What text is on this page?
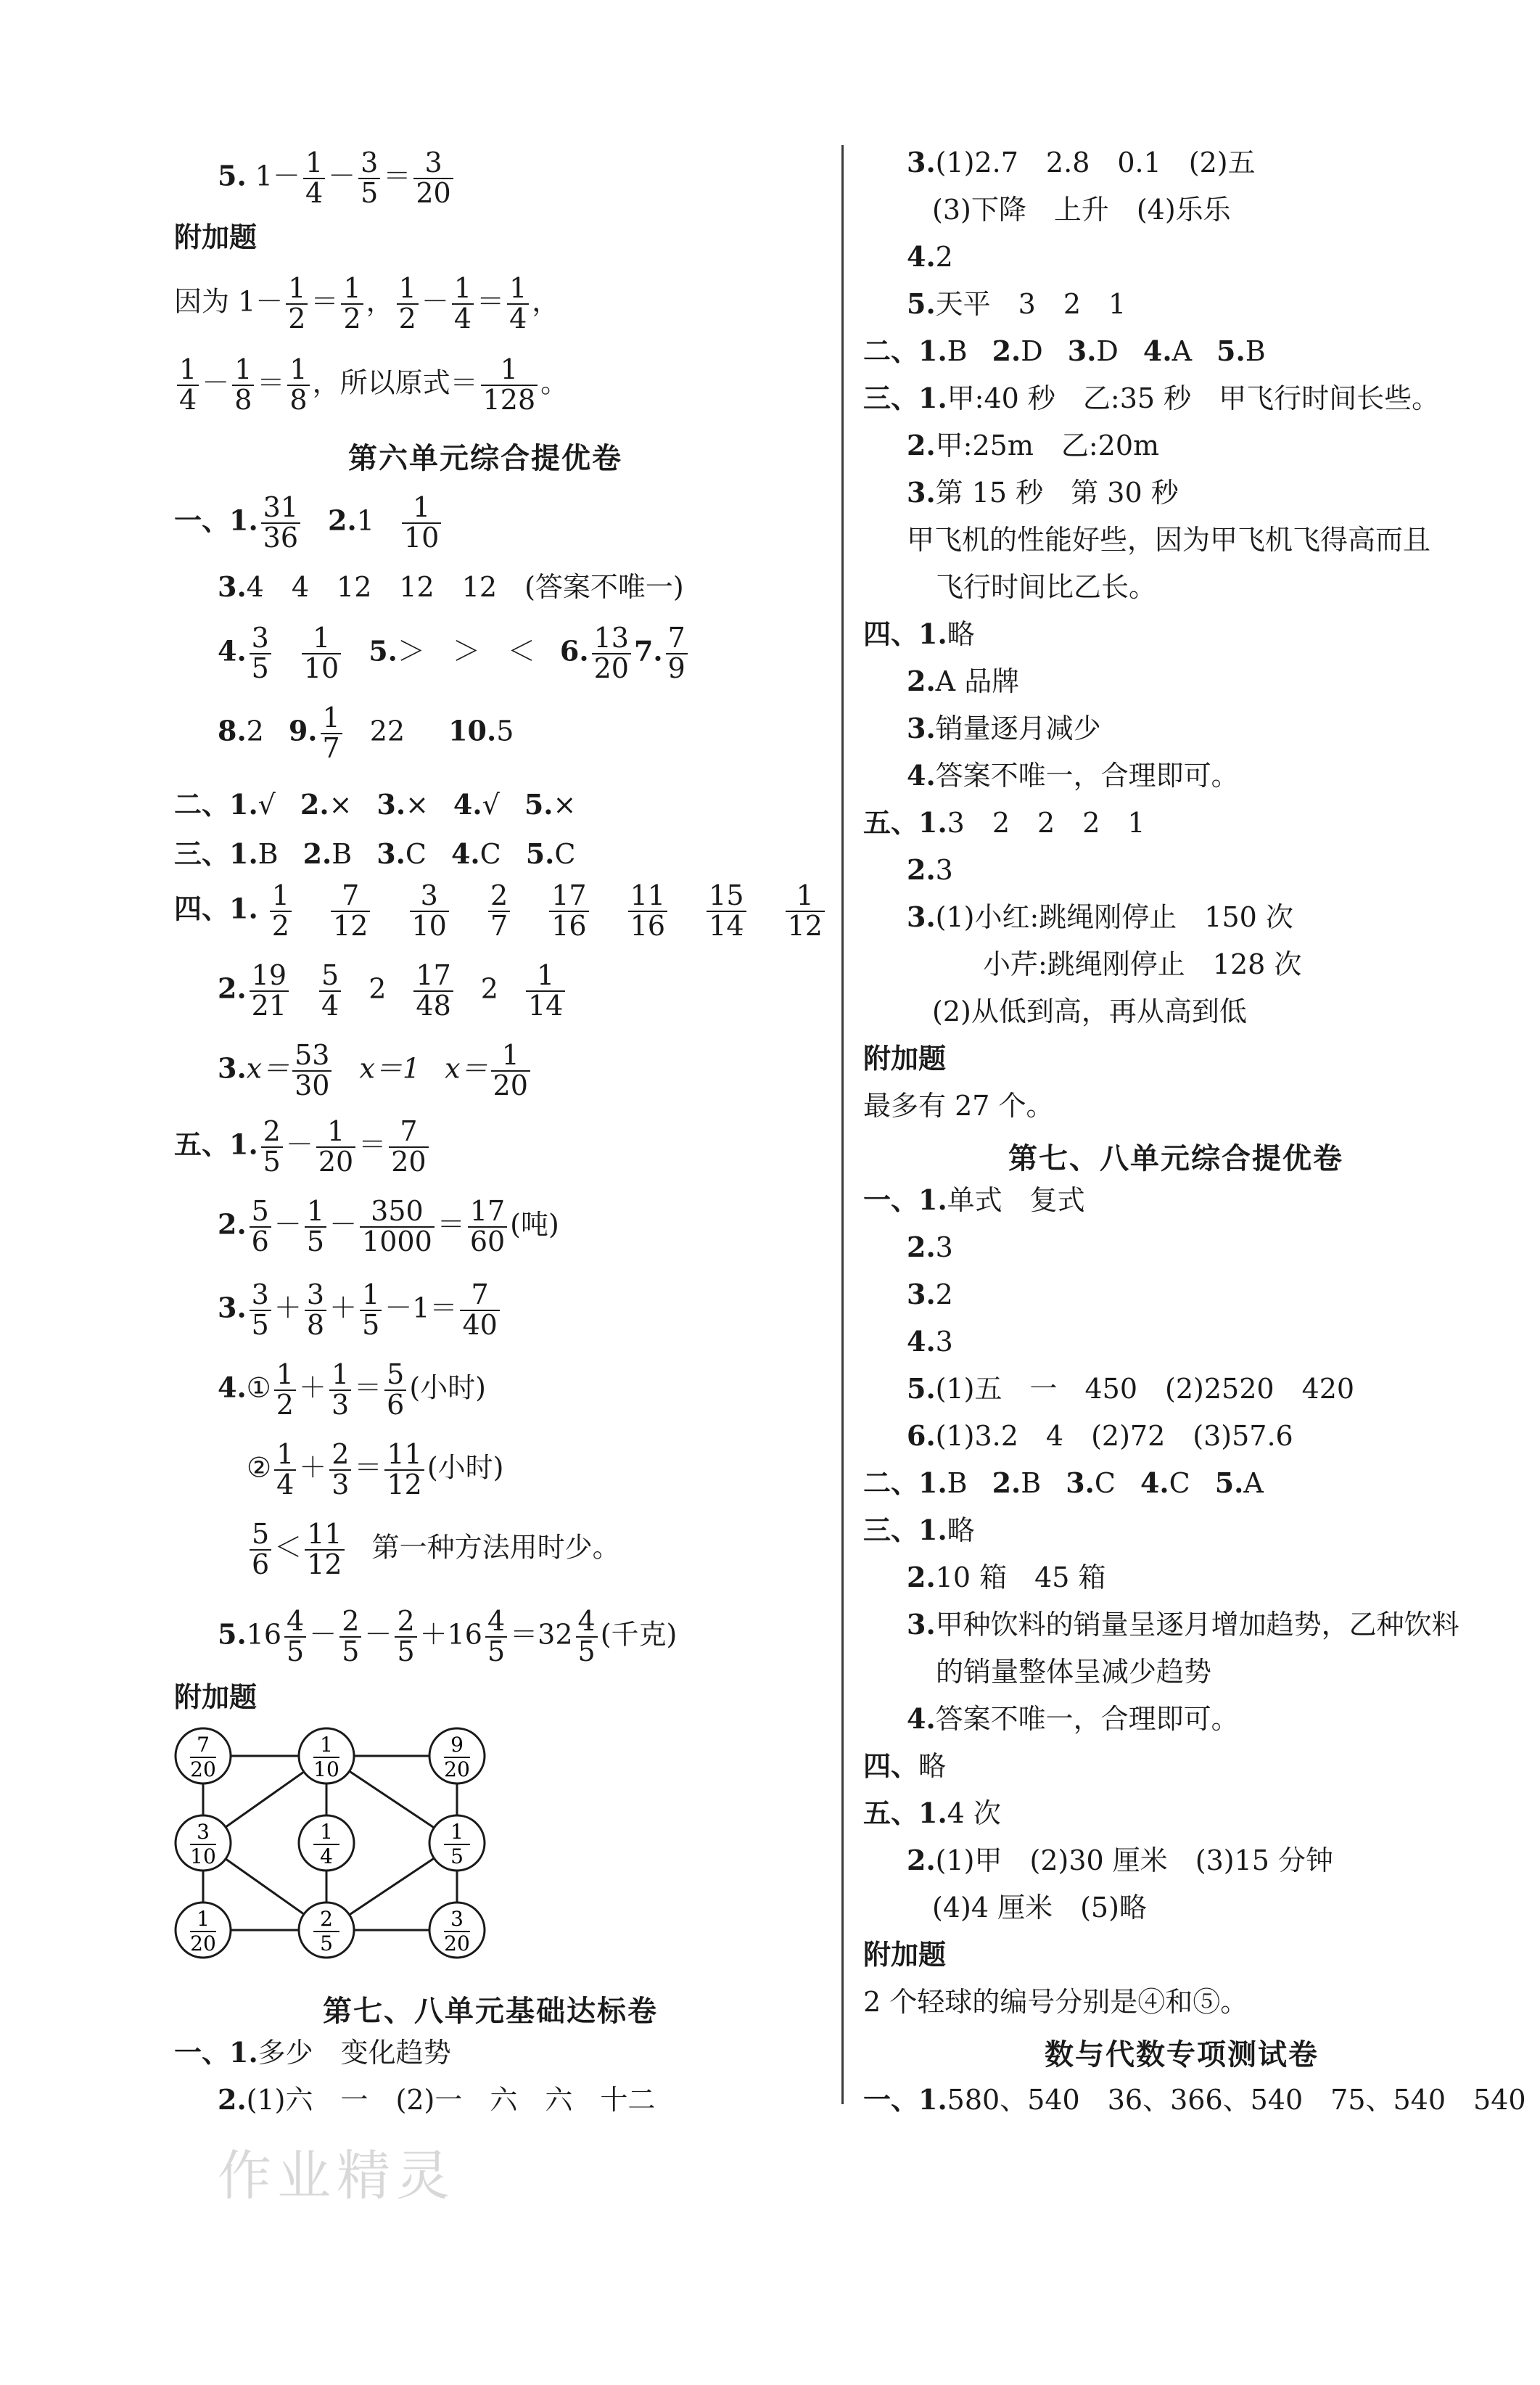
5. $1- \frac{1}{4} - \frac{3}{5} = \frac{3}{20}$
附加题
因为 $1- \frac{1}{2} = \frac{1}{2}$ ， $\frac{1}{2} - \frac{1}{4} = \frac{1}{4}$ ，
$\frac{1}{4} - \frac{1}{8} = \frac{1}{8}$ ，所以原式＝ $\frac{1}{128}$ 。
第六单元综合提优卷
一、1. $\frac{31}{36} 2.1 \frac{1}{10}$
3.4　4　12　12　12　(答案不唯一)
4. $\frac{3}{5} \frac{1}{10} 5.>$　＞　＜ 6. $\frac{13}{20} 7$. $\frac{7}{9}$
8.2 9. $\frac{1}{7} 22$ 10.5
二、1.√ 2.× 3.× 4.√ 5.×
三、1.B 2.B 3.C 4.C 5.C
四、1. $\frac{1}{2}$
$\frac{7}{12}$
$\frac{3}{10}$
$\frac{2}{7}$
$\frac{17}{16}$
$\frac{11}{16}$
$\frac{15}{14}$
$\frac{1}{12}$
2. $\frac{19}{21} \frac{5}{4} 2 \frac{17}{48} 2 \frac{1}{14}$
$3.x= \frac{53}{30} x=1$ $x= \frac{1}{20}$
五、1. $\frac{2}{5} - \frac{1}{20} = \frac{7}{20}$
2. $\frac{5}{6} - \frac{1}{5} - \frac{350}{1000} = \frac{17}{60}$ (吨)
3. $\frac{3}{5} + \frac{3}{8} + \frac{1}{5} -1= \frac{7}{40}$
4.① $\frac{1}{2} + \frac{1}{3} = \frac{5}{6}$ (小时)
② $\frac{1}{4} + \frac{2}{3} = \frac{11}{12}$ (小时)
$\frac{5}{6} < \frac{11}{12}$ 第一种方法用时少。
$5.16 \frac{4}{5} - \frac{2}{5} - \frac{2}{5} +16 \frac{4}{5} =32 \frac{4}{5}$ (千克)
附加题
7
20
1
10
9
20
3
10
1
4
1
5
1
20
2
5
3
20
第七、八单元基础达标卷
一、1.多少　变化趋势
2.(1)六　一　(2)一　六　六　十二
作业精灵
3.(1)2.7　2.8　0.1　(2)五
(3)下降　上升　(4)乐乐
4.2
5.天平　3　2　1
二、1.B 2.D 3.D 4.A 5.B
三、1.甲:40 秒　乙:35 秒　甲飞行时间长些。
2.甲:25m　乙:20m
3.第 15 秒　第 30 秒
甲飞机的性能好些，因为甲飞机飞得高而且
飞行时间比乙长。
四、1.略
2.A 品牌
3.销量逐月减少
4.答案不唯一，合理即可。
五、1.3　2　2　2　1
2.3
3.(1)小红:跳绳刚停止　150 次
小芹:跳绳刚停止　128 次
(2)从低到高，再从高到低
附加题
最多有 27 个。
第七、八单元综合提优卷
一、1.单式　复式
2.3
3.2
4.3
5.(1)五　一　450　(2)2520　420
6.(1)3.2　4　(2)72　(3)57.6
二、1.B 2.B 3.C 4.C 5.A
三、1.略
2.10 箱　45 箱
3.甲种饮料的销量呈逐月增加趋势，乙种饮料
的销量整体呈减少趋势
4.答案不唯一，合理即可。
四、略
五、1.4 次
2.(1)甲　(2)30 厘米　(3)15 分钟
(4)4 厘米　(5)略
附加题
2 个轻球的编号分别是④和⑤。
数与代数专项测试卷
一、1.580、540　36、366、540　75、540　540
